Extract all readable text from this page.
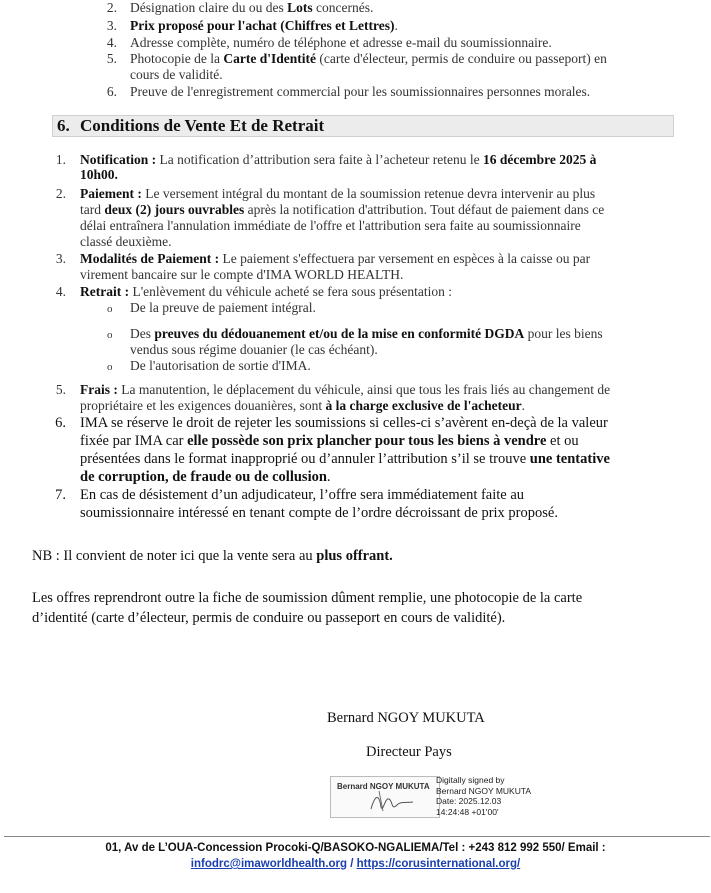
2. Désignation claire du ou des Lots concernés.
3. Prix proposé pour l'achat (Chiffres et Lettres).
4. Adresse complète, numéro de téléphone et adresse e-mail du soumissionnaire.
5. Photocopie de la Carte d'Identité (carte d'électeur, permis de conduire ou passeport) en
cours de validité.
6. Preuve de l'enregistrement commercial pour les soumissionnaires personnes morales.
6. Conditions de Vente Et de Retrait
1. Notification : La notification d’attribution sera faite à l’acheteur retenu le 16 décembre 2025 à
10h00.
2. Paiement : Le versement intégral du montant de la soumission retenue devra intervenir au plus
tard deux (2) jours ouvrables après la notification d'attribution. Tout défaut de paiement dans ce
délai entraînera l'annulation immédiate de l'offre et l'attribution sera faite au soumissionnaire
classé deuxième.
3. Modalités de Paiement : Le paiement s'effectuera par versement en espèces à la caisse ou par
virement bancaire sur le compte d'IMA WORLD HEALTH.
4. Retrait : L'enlèvement du véhicule acheté se fera sous présentation :
o De la preuve de paiement intégral.
o Des preuves du dédouanement et/ou de la mise en conformité DGDA pour les biens
vendus sous régime douanier (le cas échéant).
o De l'autorisation de sortie d'IMA.
5. Frais : La manutention, le déplacement du véhicule, ainsi que tous les frais liés au changement de
propriétaire et les exigences douanières, sont à la charge exclusive de l'acheteur.
6. IMA se réserve le droit de rejeter les soumissions si celles-ci s’avèrent en-deçà de la valeur
fixée par IMA car elle possède son prix plancher pour tous les biens à vendre et ou
présentées dans le format inapproprié ou d’annuler l’attribution s’il se trouve une tentative
de corruption, de fraude ou de collusion.
7. En cas de désistement d’un adjudicateur, l’offre sera immédiatement faite au
soumissionnaire intéressé en tenant compte de l’ordre décroissant de prix proposé.
NB : Il convient de noter ici que la vente sera au plus offrant.
Les offres reprendront outre la fiche de soumission dûment remplie, une photocopie de la carte
d’identité (carte d’électeur, permis de conduire ou passeport en cours de validité).
Bernard NGOY MUKUTA
Directeur Pays
Bernard NGOY MUKUTA
Digitally signed by
Bernard NGOY MUKUTA
Date: 2025.12.03
14:24:48 +01'00'
01, Av de L’OUA-Concession Procoki-Q/BASOKO-NGALIEMA/Tel : +243 812 992 550/ Email :
infodrc@imaworldhealth.org / https://corusinternational.org/
